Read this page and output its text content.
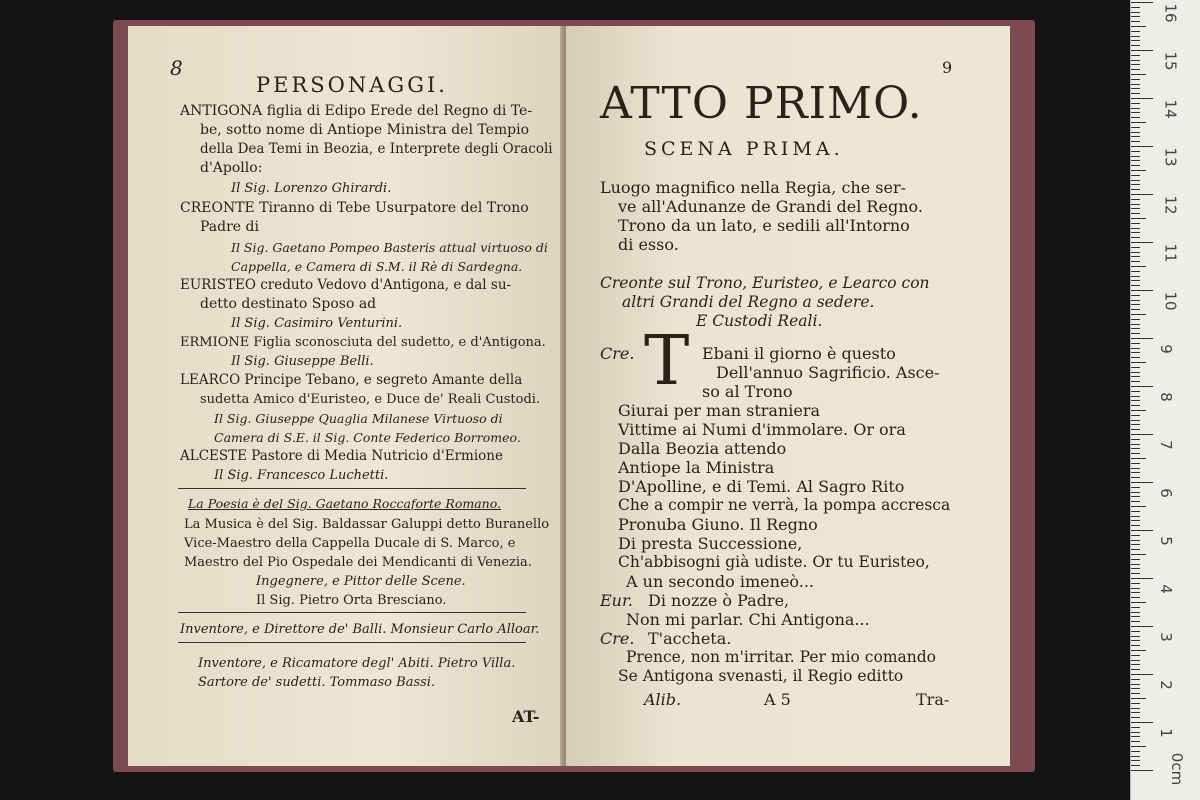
8
PERSONAGGI.
ANTIGONA figlia di Edipo Erede del Regno di Te-
be, sotto nome di Antiope Ministra del Tempio
della Dea Temi in Beozia, e Interprete degli Oracoli
d'Apollo:
Il Sig. Lorenzo Ghirardi.
CREONTE Tiranno di Tebe Usurpatore del Trono
Padre di
Il Sig. Gaetano Pompeo Basteris attual virtuoso di
Cappella, e Camera di S.M. il Rè di Sardegna.
EURISTEO creduto Vedovo d'Antigona, e dal su-
detto destinato Sposo ad
Il Sig. Casimiro Venturini.
ERMIONE Figlia sconosciuta del sudetto, e d'Antigona.
Il Sig. Giuseppe Belli.
LEARCO Principe Tebano, e segreto Amante della
sudetta Amico d'Euristeo, e Duce de' Reali Custodi.
Il Sig. Giuseppe Quaglia Milanese Virtuoso di
Camera di S.E. il Sig. Conte Federico Borromeo.
ALCESTE Pastore di Media Nutricio d'Ermione
Il Sig. Francesco Luchetti.
La Poesia è del Sig. Gaetano Roccaforte Romano.
La Musica è del Sig. Baldassar Galuppi detto Buranello
Vice-Maestro della Cappella Ducale di S. Marco, e
Maestro del Pio Ospedale dei Mendicanti di Venezia.
Ingegnere, e Pittor delle Scene.
Il Sig. Pietro Orta Bresciano.
Inventore, e Direttore de' Balli. Monsieur Carlo Alloar.
Inventore, e Ricamatore degl' Abiti. Pietro Villa.
Sartore de' sudetti. Tommaso Bassi.
AT-
ATTO PRIMO.
9
SCENA PRIMA.
Luogo magnifico nella Regia, che ser-
ve all'Adunanze de Grandi del Regno.
Trono da un lato, e sedili all'Intorno
di esso.
Creonte sul Trono, Euristeo, e Learco con
altri Grandi del Regno a sedere.
E Custodi Reali.
Cre. T Ebani il giorno è questo
Dell'annuo Sagrificio. Asce-
so al Trono
Giurai per man straniera
Vittime ai Numi d'immolare. Or ora
Dalla Beozia attendo
Antiope la Ministra
D'Apolline, e di Temi. Al Sagro Rito
Che a compir ne verrà, la pompa accresca
Pronuba Giuno. Il Regno
Di presta Successione,
Ch'abbisogni già udiste. Or tu Euristeo,
A un secondo imeneò...
Eur. Di nozze ò Padre,
Non mi parlar. Chi Antigona...
Cre. T'accheta.
Prence, non m'irritar. Per mio comando
Se Antigona svenasti, il Regio editto
Alib.	A 5	Tra-
0cm
1
2
3
4
5
6
7
8
9
10
11
12
13
14
15
16
